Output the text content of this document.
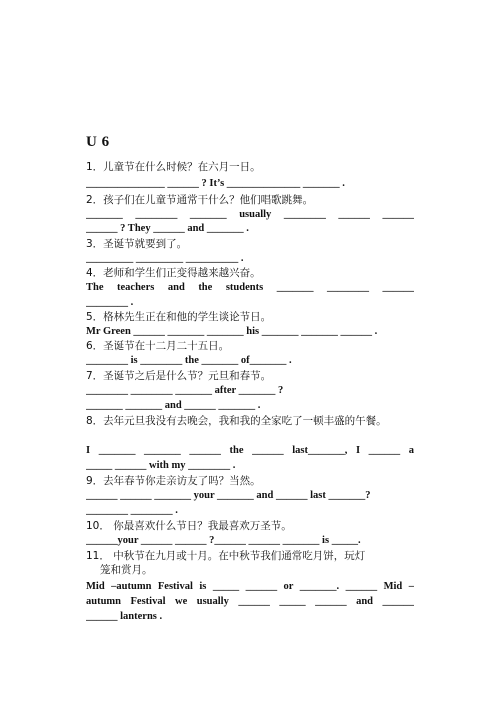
U 6
1．儿童节在什么时候？在六月一日。
_______________ ______ ? It’s ______________ _______ .
2．孩子们在儿童节通常干什么？他们唱歌跳舞。
_______ ________ _______ usually ________ ______ ______
______ ? They ______ and _______ .
3．圣诞节就要到了。
_________ _________ __________ .
4．老师和学生们正变得越来越兴奋。
The teachers and the students _______ ________ ______
________ .
5．格林先生正在和他的学生谈论节日。
Mr Green ______ _______ _______ his _______ _______ ______ .
6．圣诞节在十二月二十五日。
________ is ________ the _______ of_______ .
7．圣诞节之后是什么节？元旦和春节。
________ ________ _______ after _______ ?
_______ _______ and ______ _______ .
8．去年元旦我没有去晚会，我和我的全家吃了一顿丰盛的午餐。
I _______ _______ ______ the ______ last_______, I ______ a
_____ ______ with my ________ .
9．去年春节你走亲访友了吗？当然。
______ ______ _______ your _______ and ______ last _______?
________ ________ .
10． 你最喜欢什么节日？我最喜欢万圣节。
______your ______ ______ ?______ ______ _______ is _____.
11． 中秋节在九月或十月。在中秋节我们通常吃月饼，玩灯
笼和赏月。
Mid –autumn Festival is _____ ______ or _______. ______ Mid –
autumn Festival we usually ______ _____ ______ and ______
______ lanterns .
